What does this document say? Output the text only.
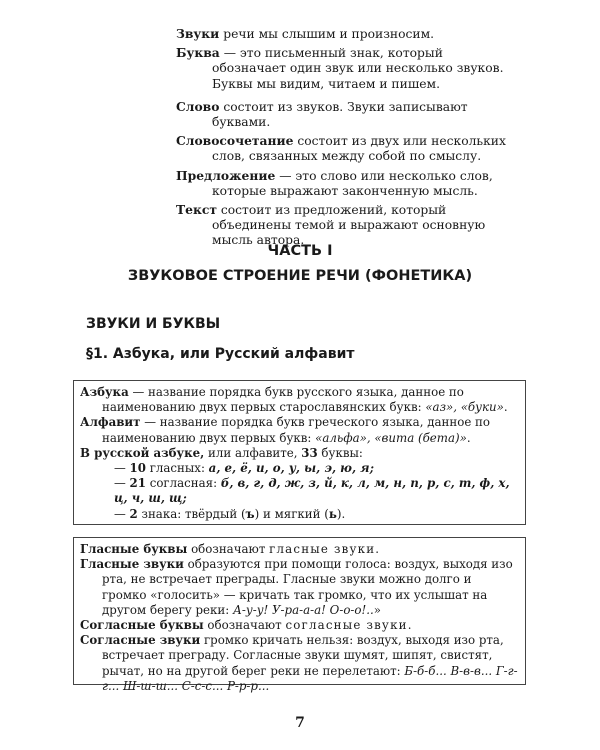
Звуки речи мы слышим и произносим.

Буква — это письменный знак, который обозначает один звук или несколько звуков. Буквы мы видим, читаем и пишем.

Слово состоит из звуков. Звуки записывают буквами.

Словосочетание состоит из двух или нескольких слов, связанных между собой по смыслу.

Предложение — это слово или несколько слов, которые выражают законченную мысль.

Текст состоит из предложений, который объединены темой и выражают основную мысль автора.

ЧАСТЬ I
ЗВУКОВОЕ СТРОЕНИЕ РЕЧИ (ФОНЕТИКА)
ЗВУКИ И БУКВЫ
§1. Азбука, или Русский алфавит

Азбука — название порядка букв русского языка, данное по наименованию двух первых старославянских букв: «аз», «буки».

Алфавит — название порядка букв греческого языка, данное по наименованию двух первых букв: «альфа», «вита (бета)».

В русской азбуке, или алфавите, 33 буквы:

— 10 гласных: а, е, ё, и, о, у, ы, э, ю, я;

— 21 согласная: б, в, г, д, ж, з, й, к, л, м, н, п, р, с, т, ф, х, ц, ч, ш, щ;

— 2 знака: твёрдый (ъ) и мягкий (ь).

Гласные буквы обозначают гласные звуки.

Гласные звуки образуются при помощи голоса: воздух, выходя изо рта, не встречает преграды. Гласные звуки можно долго и громко «голосить» — кричать так громко, что их услышат на другом берегу реки: А-у-у! У-ра-а-а! О-о-о!..»

Согласные буквы обозначают согласные звуки.

Согласные звуки громко кричать нельзя: воздух, выходя изо рта, встречает преграду. Согласные звуки шумят, шипят, свистят, рычат, но на другой берег реки не перелетают: Б-б-б... В-в-в... Г-г-г... Ш-ш-ш... С-с-с... Р-р-р...

7
